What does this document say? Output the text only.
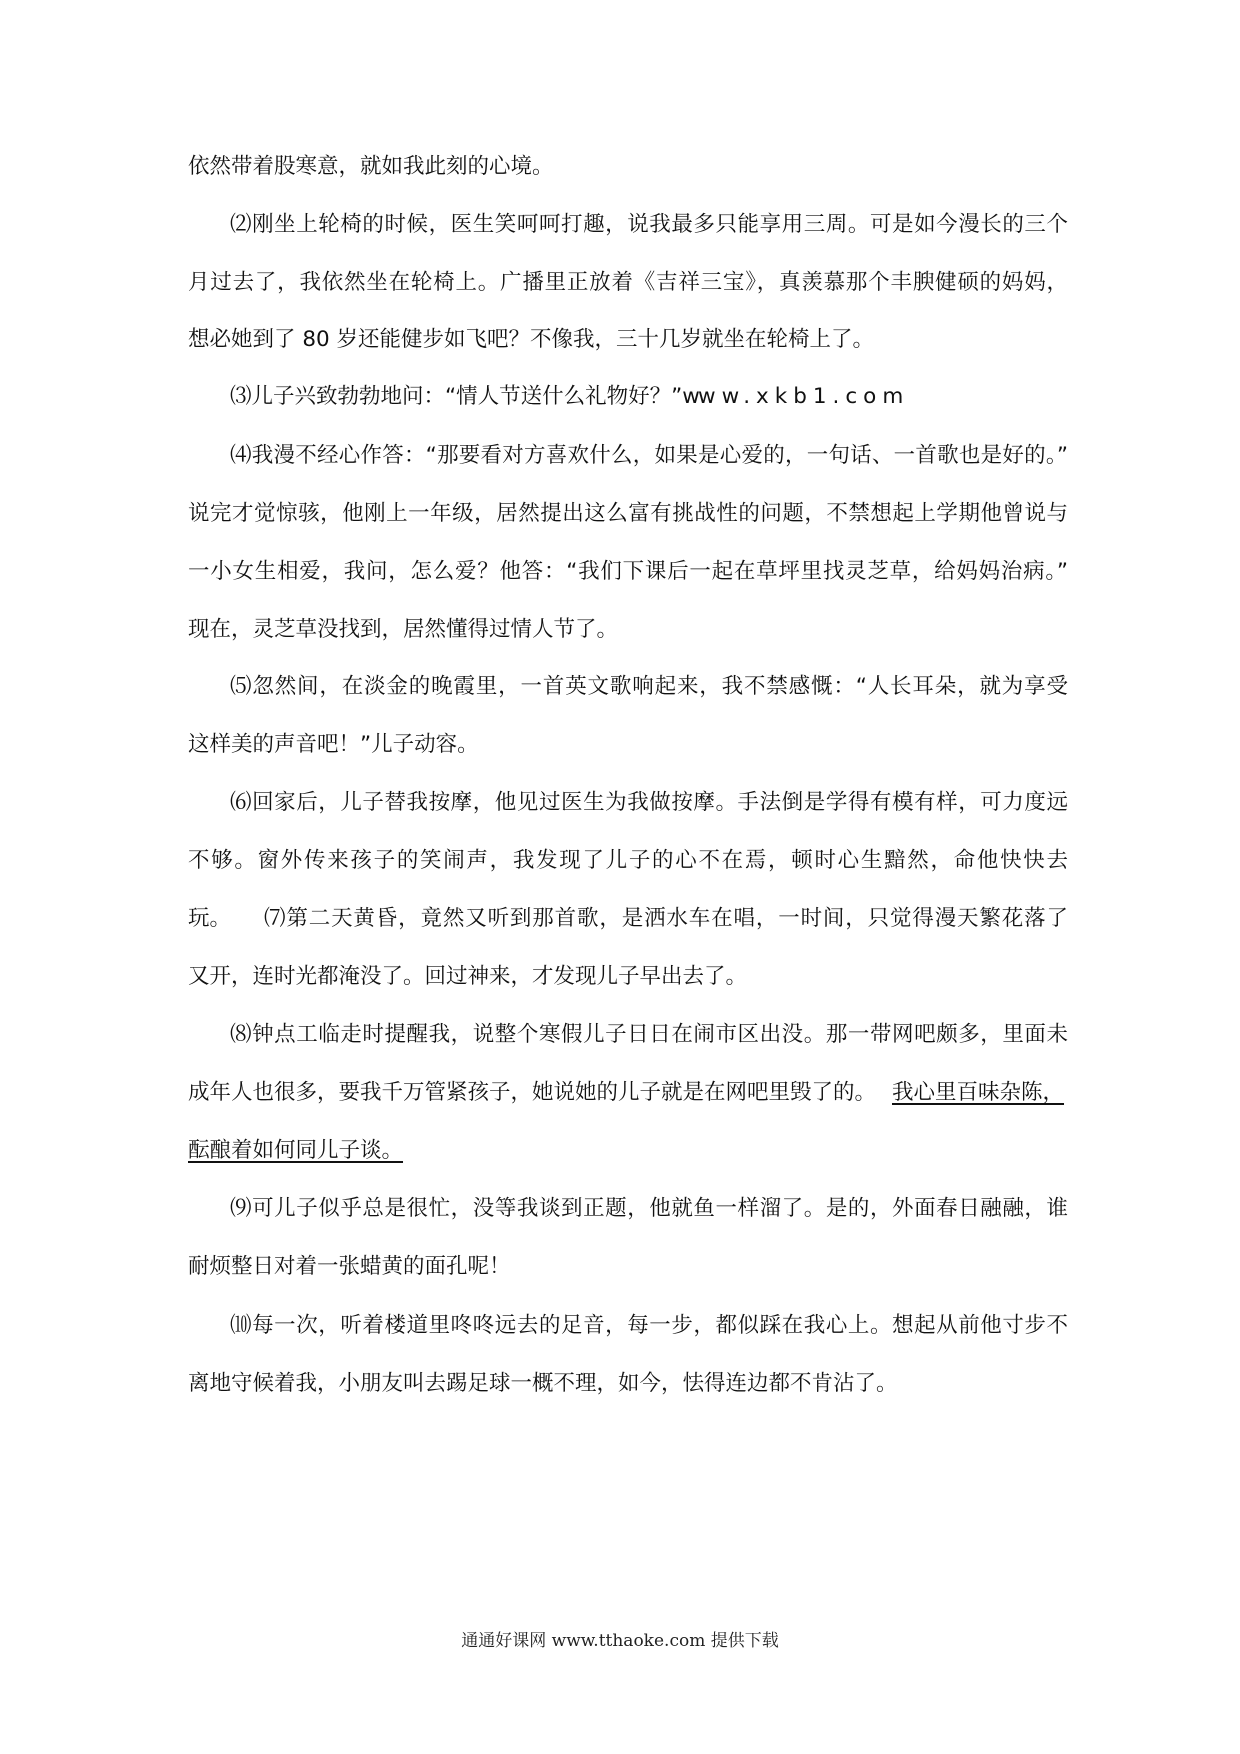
依然带着股寒意，就如我此刻的心境。
⑵刚坐上轮椅的时候，医生笑呵呵打趣，说我最多只能享用三周。可是如今漫长的三个
月过去了，我依然坐在轮椅上。广播里正放着《吉祥三宝》，真羡慕那个丰腴健硕的妈妈，
想必她到了 80 岁还能健步如飞吧？不像我，三十几岁就坐在轮椅上了。
⑶儿子兴致勃勃地问：“情人节送什么礼物好？”w
ww.xkb1.com
⑷我漫不经心作答：“那要看对方喜欢什么，如果是心爱的，一句话、一首歌也是好的。”
说完才觉惊骇，他刚上一年级，居然提出这么富有挑战性的问题，不禁想起上学期他曾说与
一小女生相爱，我问，怎么爱？他答：“我们下课后一起在草坪里找灵芝草，给妈妈治病。”
现在，灵芝草没找到，居然懂得过情人节了。
⑸忽然间，在淡金的晚霞里，一首英文歌响起来，我不禁感慨：“人长耳朵，就为享受
这样美的声音吧！”儿子动容。
⑹回家后，儿子替我按摩，他见过医生为我做按摩。手法倒是学得有模有样，可力度远
不够。窗外传来孩子的笑闹声，我发现了儿子的心不在焉，顿时心生黯然，命他快快去
玩。	⑺第二天黄昏，竟然又听到那首歌，是洒水车在唱，一时间，只觉得漫天繁花落了
又开，连时光都淹没了。回过神来，才发现儿子早出去了。
⑻钟点工临走时提醒我，说整个寒假儿子日日在闹市区出没。那一带网吧颇多，里面未
成年人也很多，要我千万管紧孩子，她说她的儿子就是在网吧里毁了的。 我心里百味杂陈，
酝酿着如何同儿子谈。
⑼可儿子似乎总是很忙，没等我谈到正题，他就鱼一样溜了。是的，外面春日融融，谁
耐烦整日对着一张蜡黄的面孔呢！
⑽每一次，听着楼道里咚咚远去的足音，每一步，都似踩在我心上。想起从前他寸步不
离地守候着我，小朋友叫去踢足球一概不理，如今，怯得连边都不肯沾了。
通通好课网 www.tthaoke.com 提供下载
